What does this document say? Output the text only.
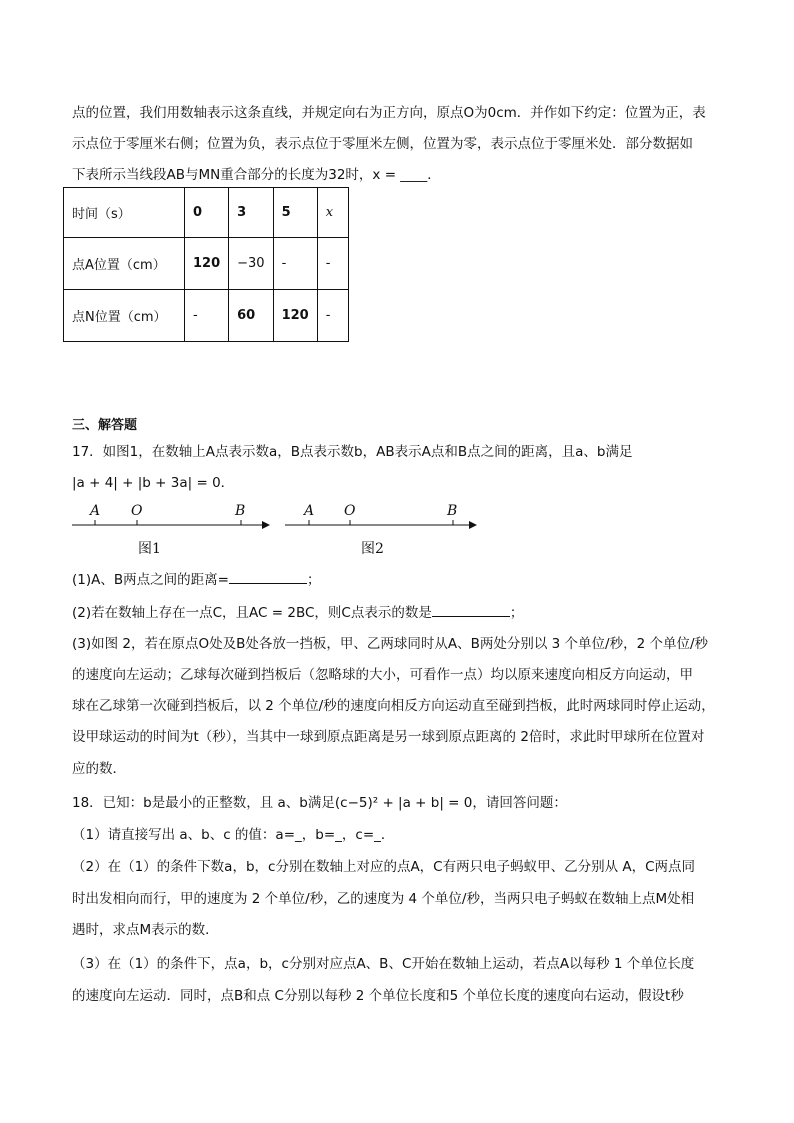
点的位置，我们用数轴表示这条直线，并规定向右为正方向，原点O为0cm．并作如下约定：位置为正，表
示点位于零厘米右侧；位置为负，表示点位于零厘米左侧，位置为零，表示点位于零厘米处．部分数据如
下表所示当线段AB与MN重合部分的长度为32时，x = ____．
时间（s）	0	3	5	x
点A位置（cm）	120	−30	-	-
点N位置（cm）	-	60	120	-
三、解答题
17．如图1，在数轴上A点表示数a，B点表示数b，AB表示A点和B点之间的距离，且a、b满足
|a + 4| + |b + 3a| = 0．
A O	B
图1
A O	B
图2
(1)A、B两点之间的距离=	；
(2)若在数轴上存在一点C，且AC = 2BC，则C点表示的数是	；
(3)如图 2，若在原点O处及B处各放一挡板，甲、乙两球同时从A、B两处分别以 3 个单位/秒，2 个单位/秒
的速度向左运动；乙球每次碰到挡板后（忽略球的大小，可看作一点）均以原来速度向相反方向运动，甲
球在乙球第一次碰到挡板后，以 2 个单位/秒的速度向相反方向运动直至碰到挡板，此时两球同时停止运动，
设甲球运动的时间为t（秒），当其中一球到原点距离是另一球到原点距离的 2倍时，求此时甲球所在位置对
应的数．
18．已知：b是最小的正整数，且 a、b满足(c−5)² + |a + b| = 0，请回答问题：
（1）请直接写出 a、b、c 的值：a=_，b=_，c=_．
（2）在（1）的条件下数a，b，c分别在数轴上对应的点A，C有两只电子蚂蚁甲、乙分别从 A，C两点同
时出发相向而行，甲的速度为 2 个单位/秒，乙的速度为 4 个单位/秒，当两只电子蚂蚁在数轴上点M处相
遇时，求点M表示的数．
（3）在（1）的条件下，点a，b，c分别对应点A、B、C开始在数轴上运动，若点A以每秒 1 个单位长度
的速度向左运动．同时，点B和点 C分别以每秒 2 个单位长度和5 个单位长度的速度向右运动，假设t秒
